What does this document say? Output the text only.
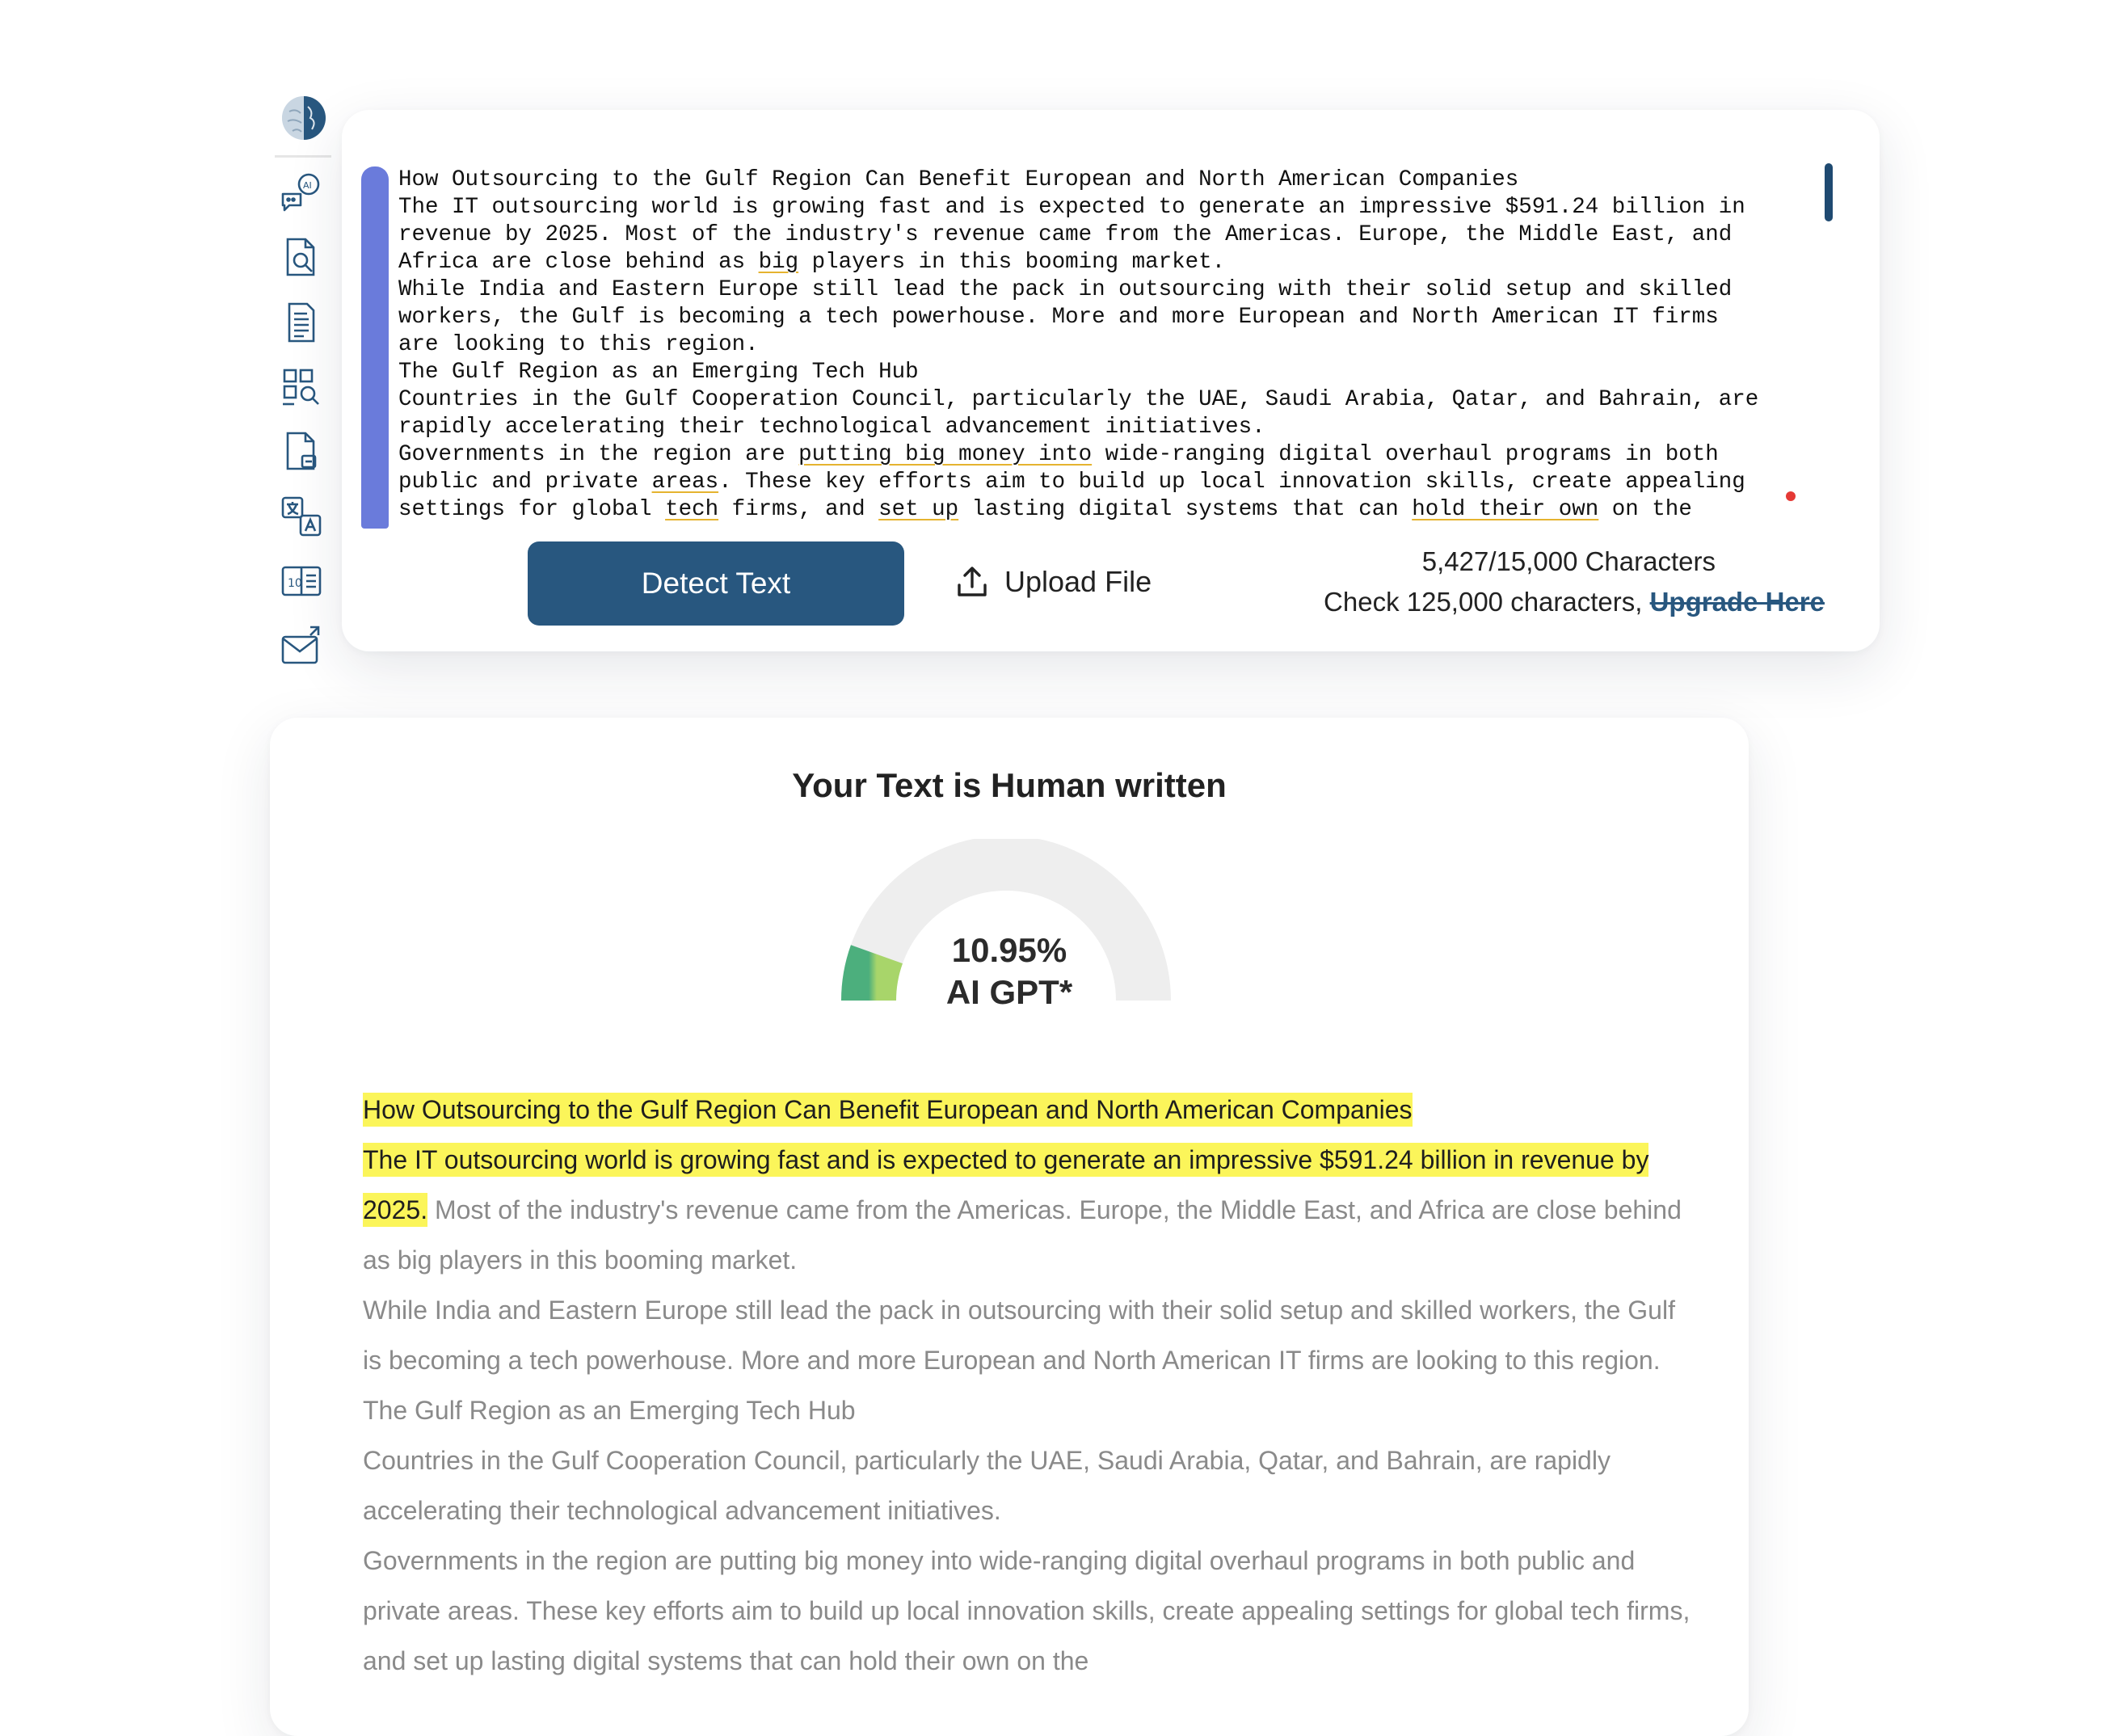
AI
10
How Outsourcing to the Gulf Region Can Benefit European and North American Companies
The IT outsourcing world is growing fast and is expected to generate an impressive $591.24 billion in
revenue by 2025. Most of the industry's revenue came from the Americas. Europe, the Middle East, and
Africa are close behind as big players in this booming market.
While India and Eastern Europe still lead the pack in outsourcing with their solid setup and skilled
workers, the Gulf is becoming a tech powerhouse. More and more European and North American IT firms
are looking to this region.
The Gulf Region as an Emerging Tech Hub
Countries in the Gulf Cooperation Council, particularly the UAE, Saudi Arabia, Qatar, and Bahrain, are
rapidly accelerating their technological advancement initiatives.
Governments in the region are putting big money into wide-ranging digital overhaul programs in both
public and private areas. These key efforts aim to build up local innovation skills, create appealing
settings for global tech firms, and set up lasting digital systems that can hold their own on the
Detect Text	Upload File
5,427/15,000 Characters
Check 125,000 characters, Upgrade Here
Your Text is Human written
10.95%
AI GPT*

How Outsourcing to the Gulf Region Can Benefit European and North American Companies

The IT outsourcing world is growing fast and is expected to generate an impressive $591.24 billion in revenue by 2025. Most of the industry's revenue came from the Americas. Europe, the Middle East, and Africa are close behind as big players in this booming market.

While India and Eastern Europe still lead the pack in outsourcing with their solid setup and skilled workers, the Gulf is becoming a tech powerhouse. More and more European and North American IT firms are looking to this region.

The Gulf Region as an Emerging Tech Hub

Countries in the Gulf Cooperation Council, particularly the UAE, Saudi Arabia, Qatar, and Bahrain, are rapidly accelerating their technological advancement initiatives.

Governments in the region are putting big money into wide-ranging digital overhaul programs in both public and private areas. These key efforts aim to build up local innovation skills, create appealing settings for global tech firms, and set up lasting digital systems that can hold their own on the
